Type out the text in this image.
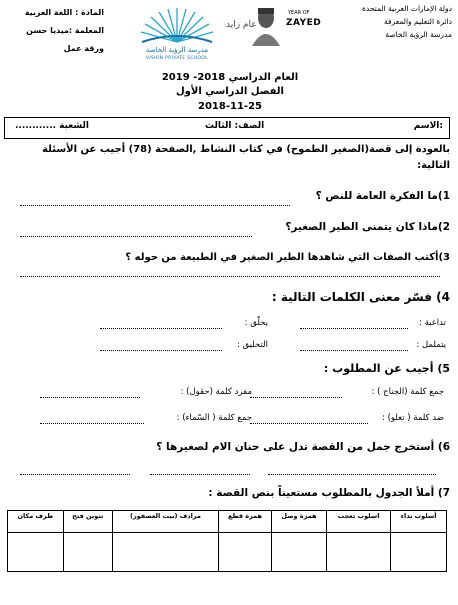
دولة الإمارات العربية المتحدة
دائرة التعليم والمعرفة
مدرسة الرؤية الخاصة
YEAR OF
ZAYED
عام زايد
مدرسة الرؤية الخاصة
VISION PRIVATE SCHOOL
المادة : اللغة العربية
المعلمة :ميديا حسن
ورقة عمل
العام الدراسي 2018- 2019
الفصل الدراسي الأول
2018-11-25
الاسم:
الصف: الثالث
الشعبة ............
بالعودة إلى قصة(الصغير الطموح) في كتاب النشاط ,الصفحة (78) أجيب عن الأسئلة
التالية:
1)ما الفكرة العامة للنص ؟
2)ماذا كان يتمنى الطير الصغير؟
3)أكتب الصفات التي شاهدها الطير الصغير في الطبيعة من حوله ؟
4) فسّر معنى الكلمات التالية :
تداعبة :
يحلّق :
يتململ :
التحليق :
5) أجيب عن المطلوب :
جمع كلمة (الجناح ) :
مفرد كلمة (حقول) :
ضد كلمة ( تعلو) :
جمع كلمة ( السّماء) :
6) أستخرج جمل من القصة تدل على حنان الام لصغيرها ؟
7) أملأ الجدول بالمطلوب مستعيناً بنص القصة :
أسلوب نداء	اسلوب تعجب	همزة وصل	همزة قطع	مرادف (بيت العصفور)	تنوين فتح	ظرف مكان
